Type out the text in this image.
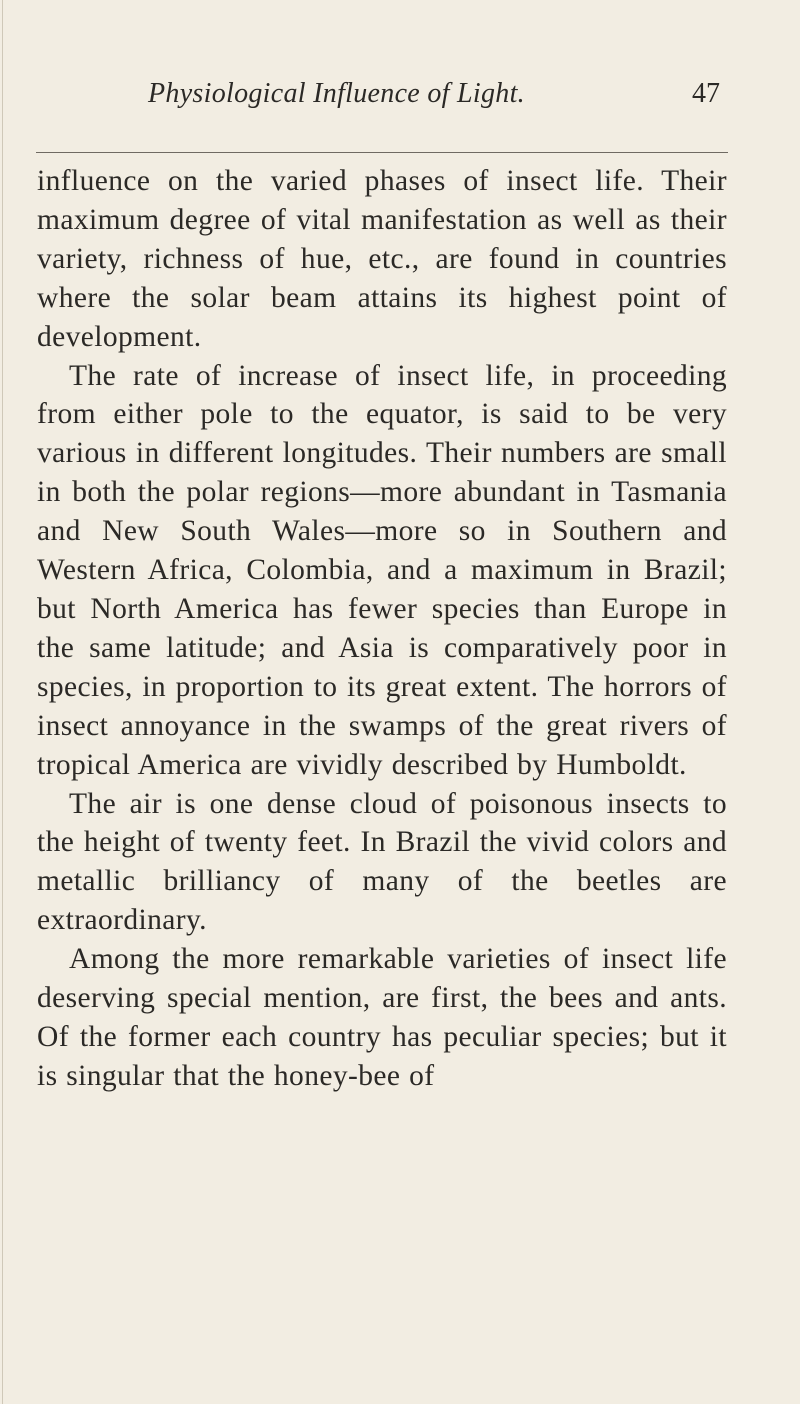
Physiological Influence of Light.	47

influence on the varied phases of insect life. Their maximum degree of vital manifestation as well as their variety, richness of hue, etc., are found in countries where the solar beam attains its highest point of development.

The rate of increase of insect life, in proceeding from either pole to the equator, is said to be very various in different longitudes. Their numbers are small in both the polar regions—more abundant in Tasmania and New South Wales—more so in Southern and Western Africa, Colombia, and a maximum in Brazil; but North America has fewer species than Europe in the same latitude; and Asia is comparatively poor in species, in proportion to its great extent. The horrors of insect annoyance in the swamps of the great rivers of tropical America are vividly described by Humboldt.

The air is one dense cloud of poisonous insects to the height of twenty feet. In Brazil the vivid colors and metallic brilliancy of many of the beetles are extraordinary.

Among the more remarkable varieties of insect life deserving special mention, are first, the bees and ants. Of the former each country has peculiar species; but it is singular that the honey-bee of
